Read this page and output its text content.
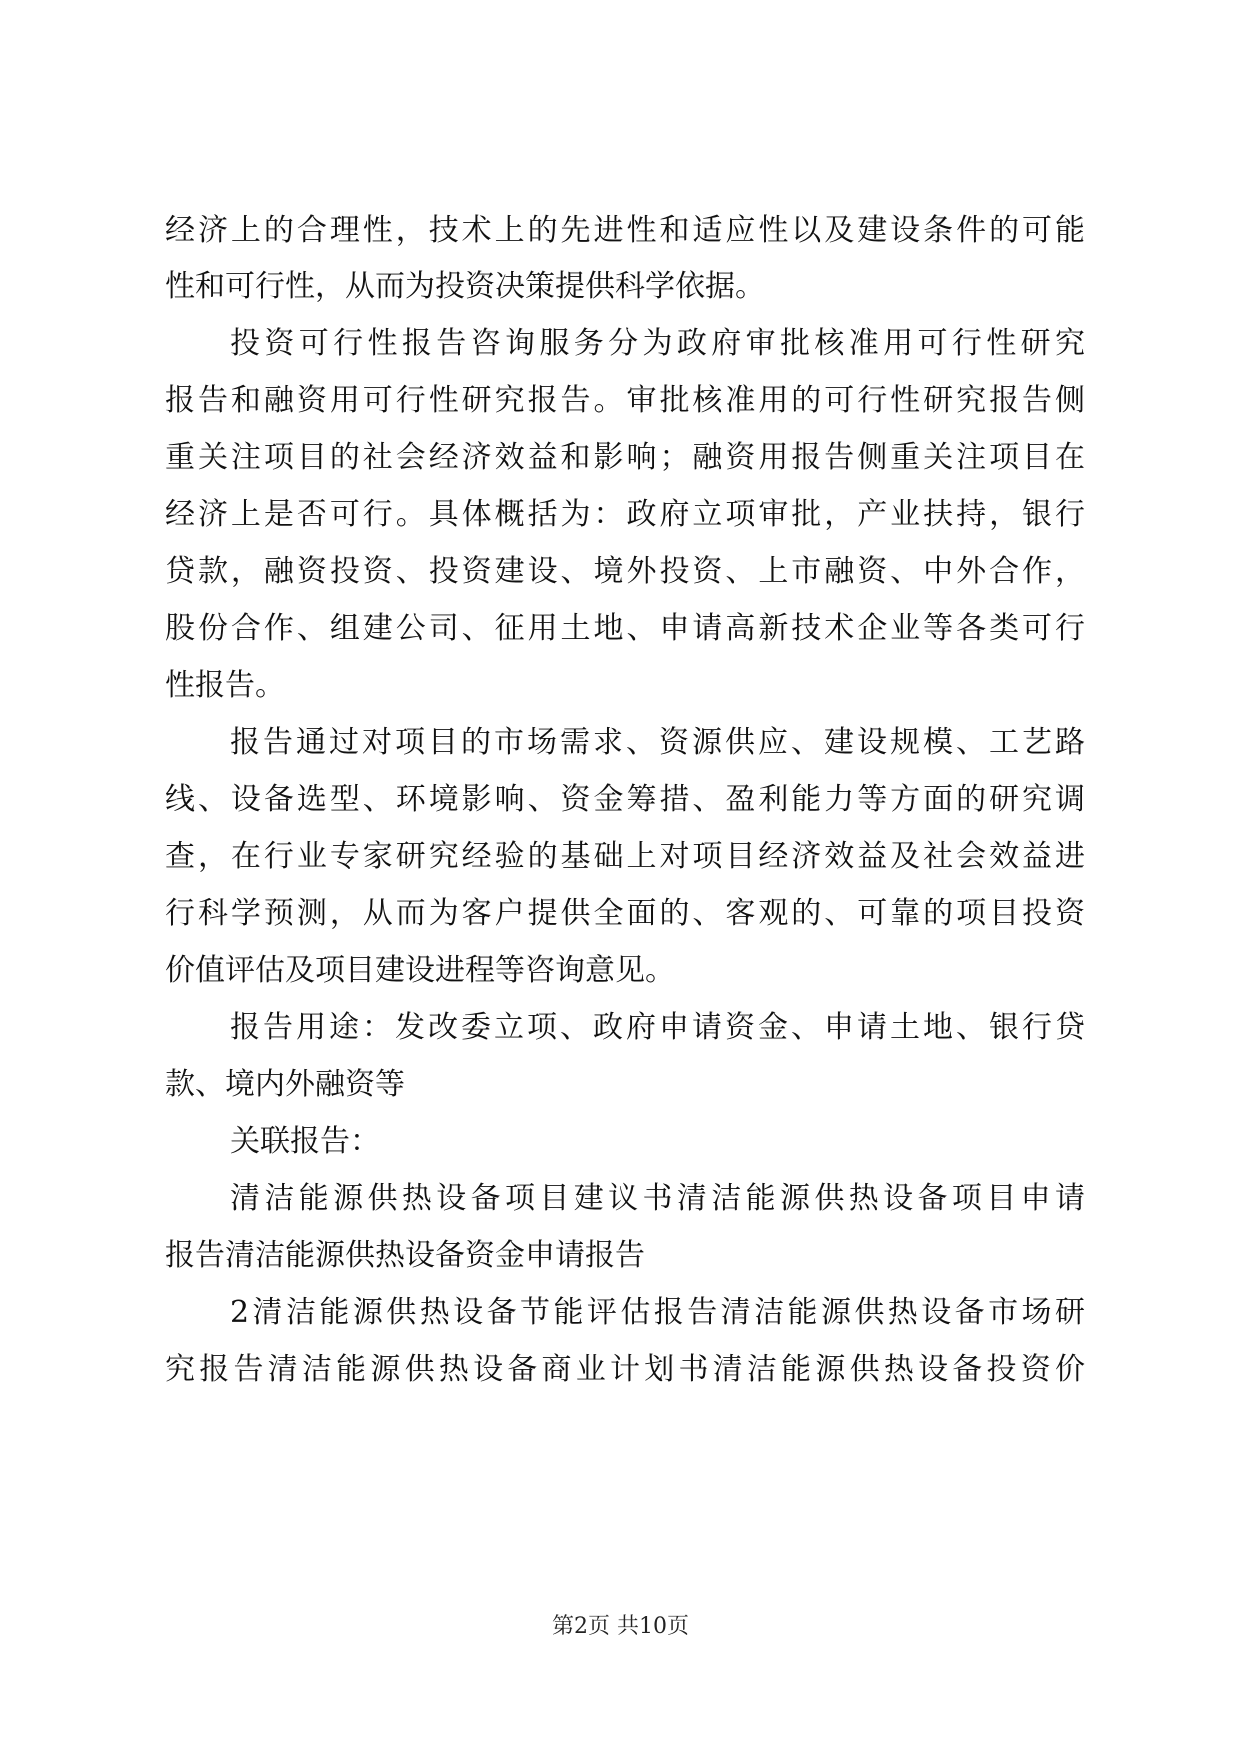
经济上的合理性，技术上的先进性和适应性以及建设条件的可能
性和可行性，从而为投资决策提供科学依据。
投资可行性报告咨询服务分为政府审批核准用可行性研究
报告和融资用可行性研究报告。审批核准用的可行性研究报告侧
重关注项目的社会经济效益和影响；融资用报告侧重关注项目在
经济上是否可行。具体概括为：政府立项审批，产业扶持，银行
贷款，融资投资、投资建设、境外投资、上市融资、中外合作，
股份合作、组建公司、征用土地、申请高新技术企业等各类可行
性报告。
报告通过对项目的市场需求、资源供应、建设规模、工艺路
线、设备选型、环境影响、资金筹措、盈利能力等方面的研究调
查，在行业专家研究经验的基础上对项目经济效益及社会效益进
行科学预测，从而为客户提供全面的、客观的、可靠的项目投资
价值评估及项目建设进程等咨询意见。
报告用途：发改委立项、政府申请资金、申请土地、银行贷
款、境内外融资等
关联报告：
清洁能源供热设备项目建议书清洁能源供热设备项目申请
报告清洁能源供热设备资金申请报告
2清洁能源供热设备节能评估报告清洁能源供热设备市场研
究报告清洁能源供热设备商业计划书清洁能源供热设备投资价
第2页 共10页
